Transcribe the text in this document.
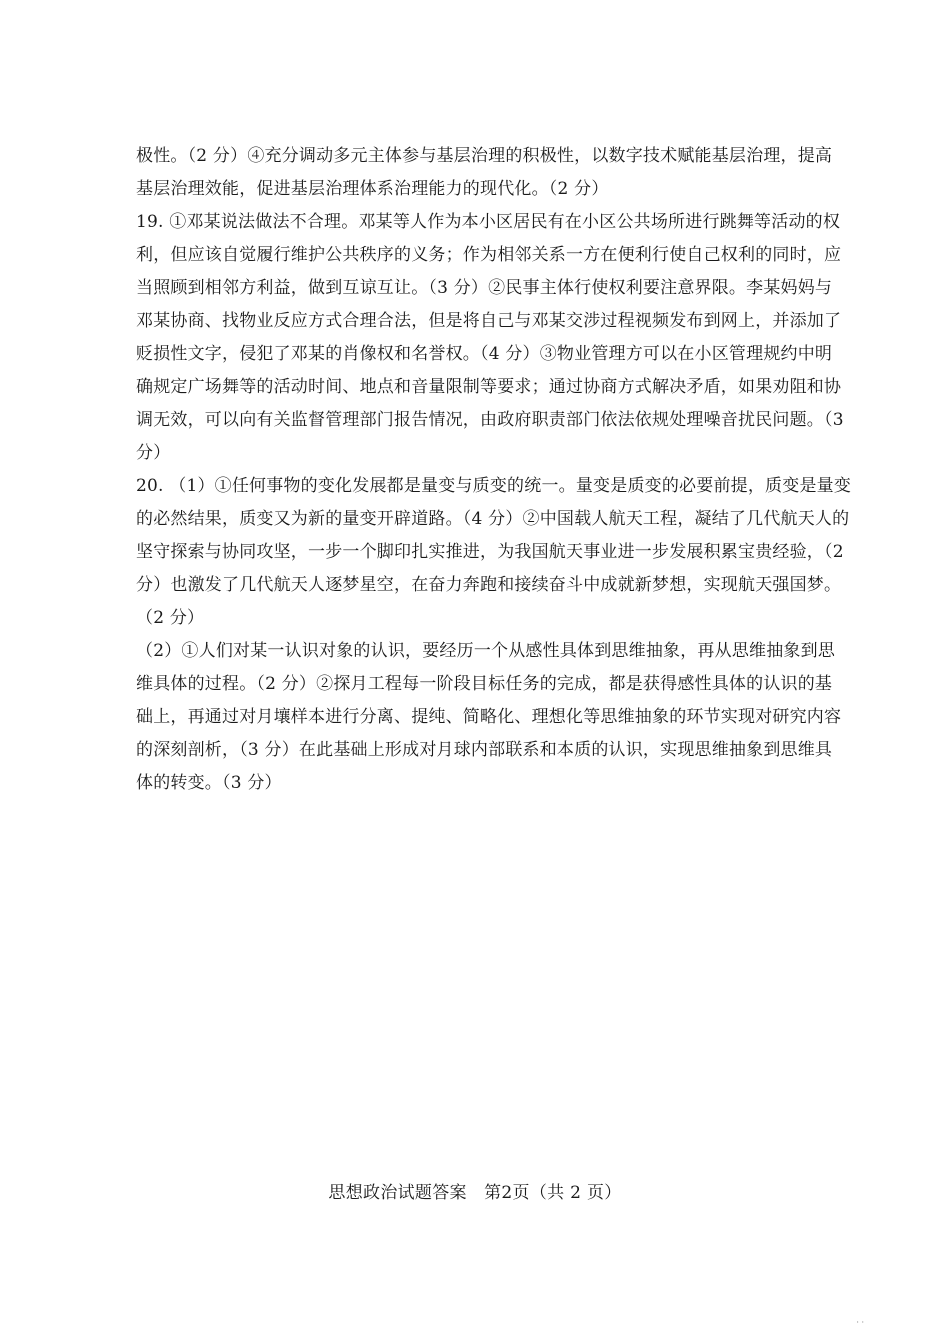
极性。（2 分）④充分调动多元主体参与基层治理的积极性，以数字技术赋能基层治理，提高
基层治理效能，促进基层治理体系治理能力的现代化。（2 分）
19. ①邓某说法做法不合理。邓某等人作为本小区居民有在小区公共场所进行跳舞等活动的权
利，但应该自觉履行维护公共秩序的义务；作为相邻关系一方在便利行使自己权利的同时，应
当照顾到相邻方利益，做到互谅互让。（3 分）②民事主体行使权利要注意界限。李某妈妈与
邓某协商、找物业反应方式合理合法，但是将自己与邓某交涉过程视频发布到网上，并添加了
贬损性文字，侵犯了邓某的肖像权和名誉权。（4 分）③物业管理方可以在小区管理规约中明
确规定广场舞等的活动时间、地点和音量限制等要求；通过协商方式解决矛盾，如果劝阻和协
调无效，可以向有关监督管理部门报告情况，由政府职责部门依法依规处理噪音扰民问题。（3
分）
20. （1）①任何事物的变化发展都是量变与质变的统一。量变是质变的必要前提，质变是量变
的必然结果，质变又为新的量变开辟道路。（4 分）②中国载人航天工程，凝结了几代航天人的
坚守探索与协同攻坚，一步一个脚印扎实推进，为我国航天事业进一步发展积累宝贵经验，（2
分）也激发了几代航天人逐梦星空，在奋力奔跑和接续奋斗中成就新梦想，实现航天强国梦。
（2 分）
（2）①人们对某一认识对象的认识，要经历一个从感性具体到思维抽象，再从思维抽象到思
维具体的过程。（2 分）②探月工程每一阶段目标任务的完成，都是获得感性具体的认识的基
础上，再通过对月壤样本进行分离、提纯、简略化、理想化等思维抽象的环节实现对研究内容
的深刻剖析，（3 分）在此基础上形成对月球内部联系和本质的认识，实现思维抽象到思维具
体的转变。（3 分）
思想政治试题答案　第2页（共 2 页）
· ·
